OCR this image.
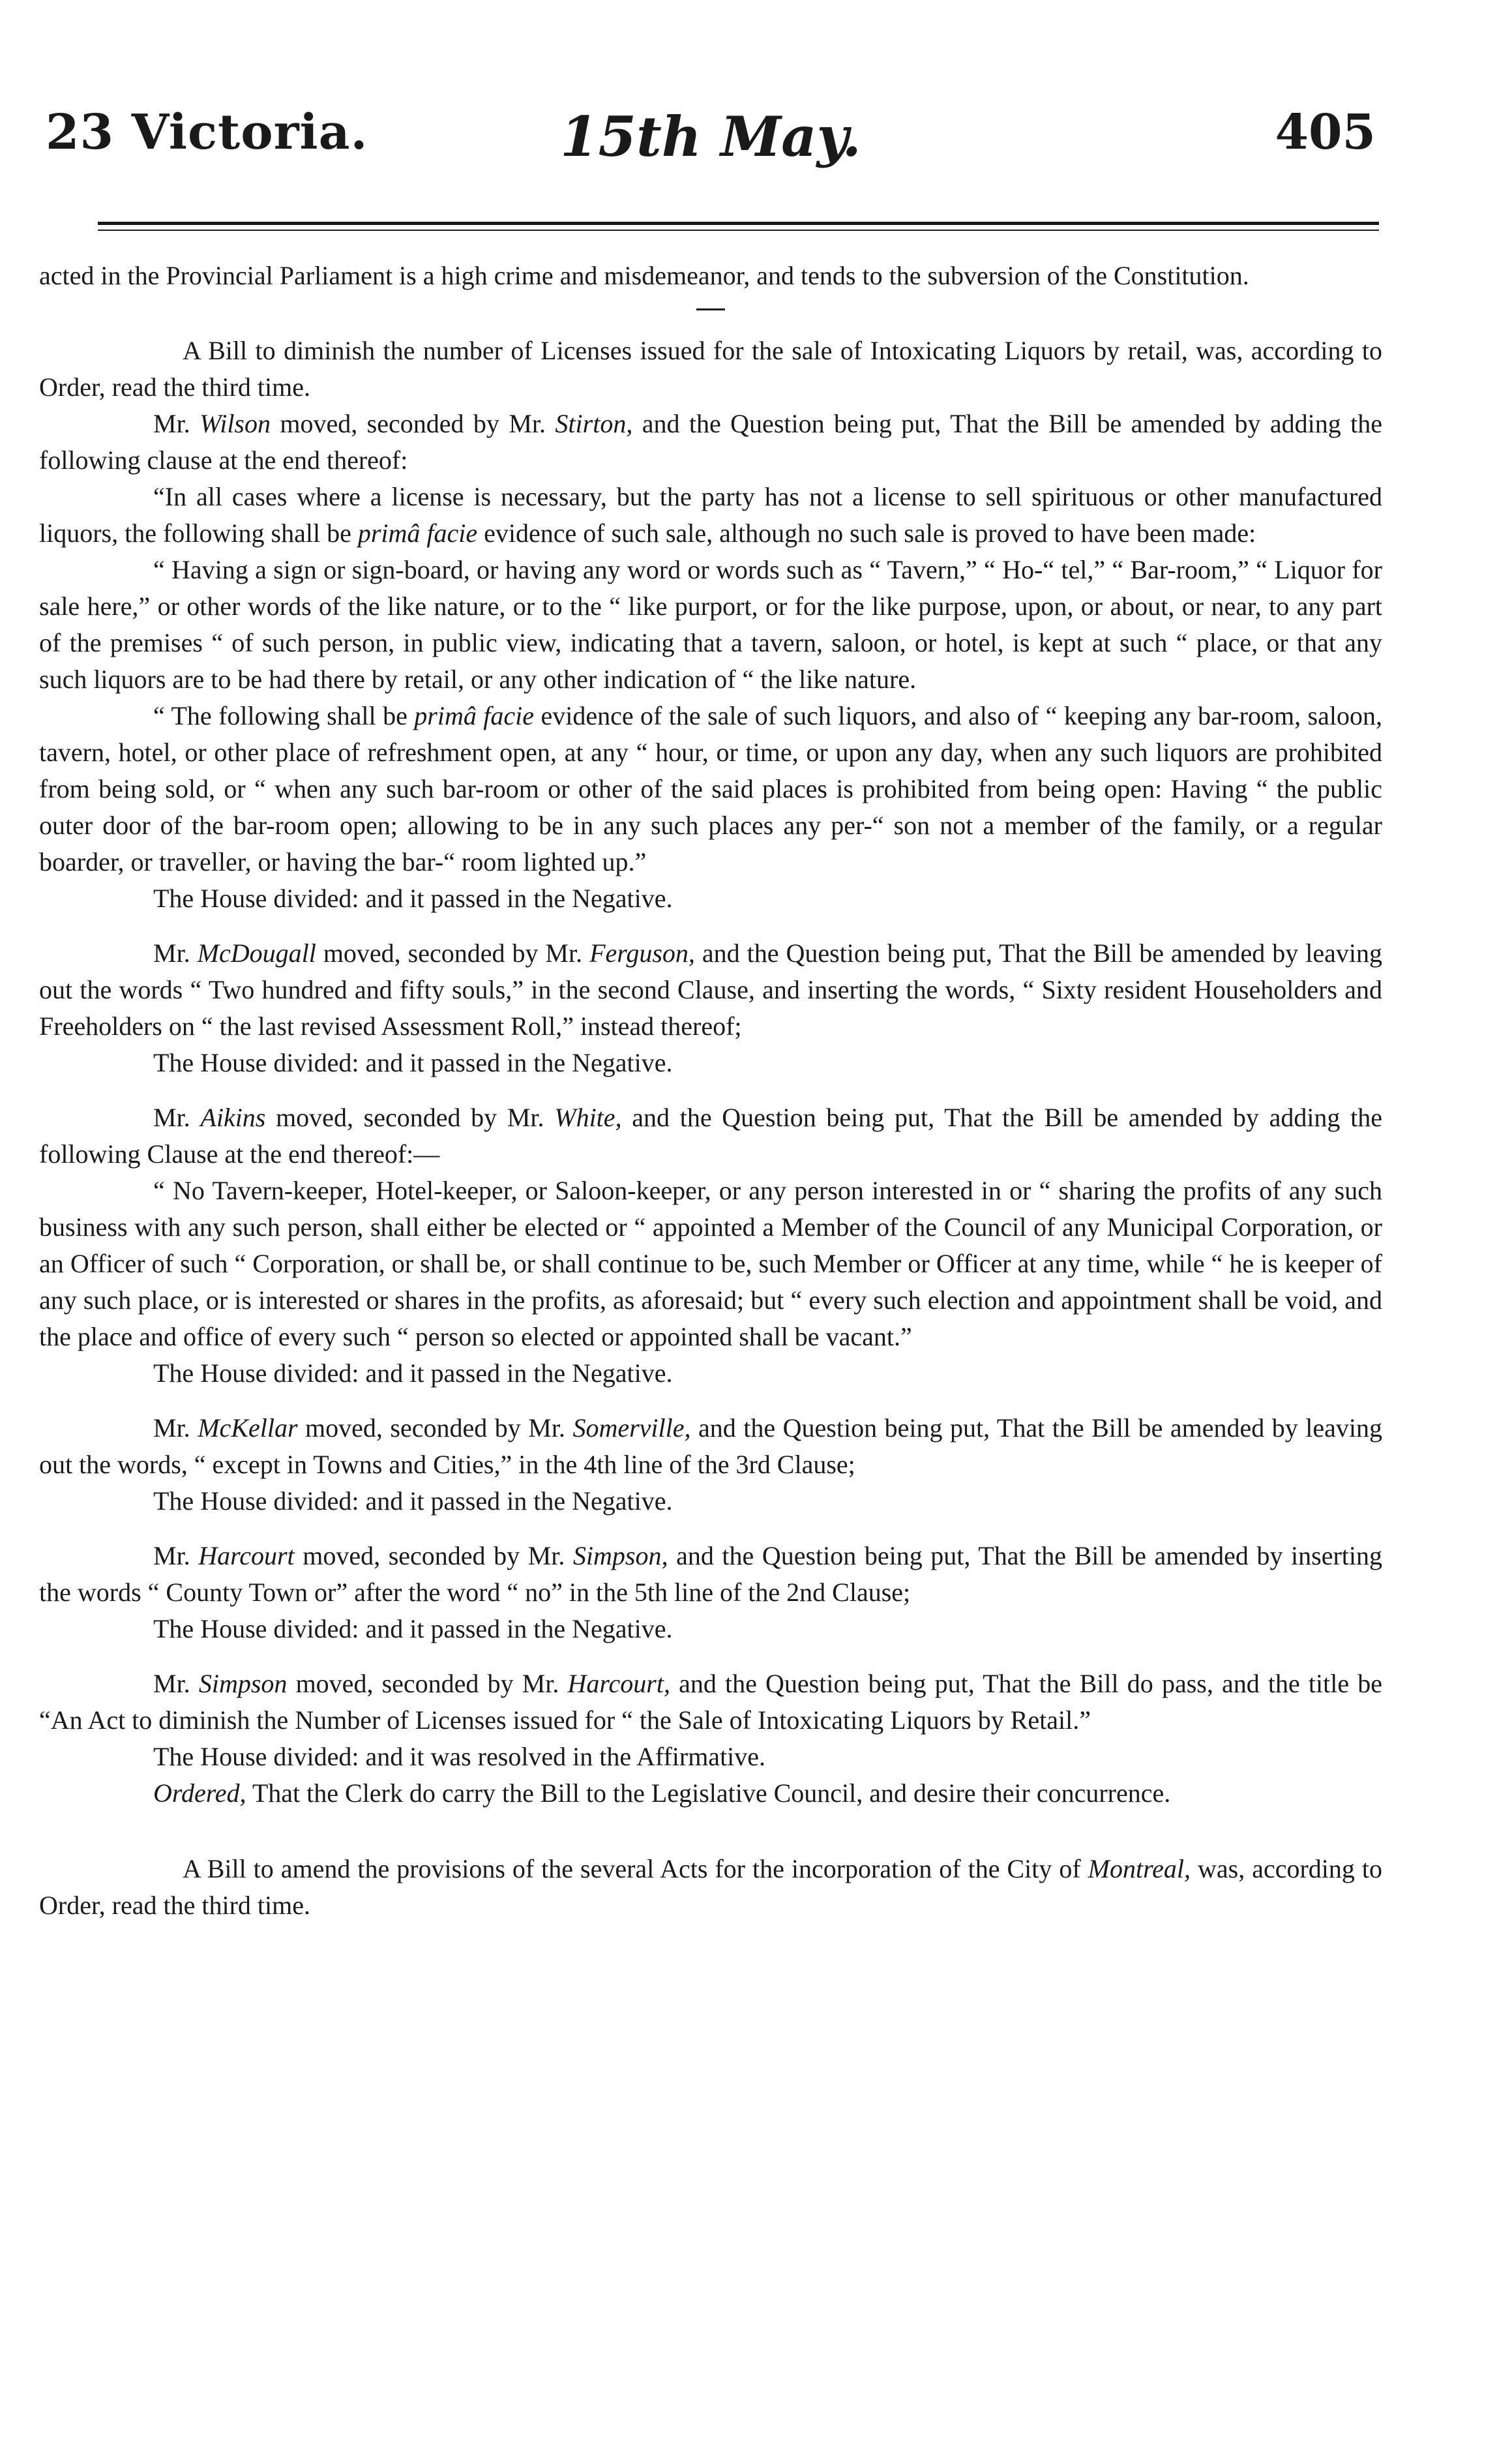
23 Victoria.	15th May.	405

acted in the Provincial Parliament is a high crime and misdemeanor, and tends to the subversion of the Constitution.

A Bill to diminish the number of Licenses issued for the sale of Intoxicating Liquors by retail, was, according to Order, read the third time.

Mr. Wilson moved, seconded by Mr. Stirton, and the Question being put, That the Bill be amended by adding the following clause at the end thereof:

“In all cases where a license is necessary, but the party has not a license to sell spirituous or other manufactured liquors, the following shall be primâ facie evidence of such sale, although no such sale is proved to have been made:

“ Having a sign or sign-board, or having any word or words such as “ Tavern,” “ Ho-“ tel,” “ Bar-room,” “ Liquor for sale here,” or other words of the like nature, or to the “ like purport, or for the like purpose, upon, or about, or near, to any part of the premises “ of such person, in public view, indicating that a tavern, saloon, or hotel, is kept at such “ place, or that any such liquors are to be had there by retail, or any other indication of “ the like nature.

“ The following shall be primâ facie evidence of the sale of such liquors, and also of “ keeping any bar-room, saloon, tavern, hotel, or other place of refreshment open, at any “ hour, or time, or upon any day, when any such liquors are prohibited from being sold, or “ when any such bar-room or other of the said places is prohibited from being open: Having “ the public outer door of the bar-room open; allowing to be in any such places any per-“ son not a member of the family, or a regular boarder, or traveller, or having the bar-“ room lighted up.”

The House divided: and it passed in the Negative.

Mr. McDougall moved, seconded by Mr. Ferguson, and the Question being put, That the Bill be amended by leaving out the words “ Two hundred and fifty souls,” in the second Clause, and inserting the words, “ Sixty resident Householders and Freeholders on “ the last revised Assessment Roll,” instead thereof;

The House divided: and it passed in the Negative.

Mr. Aikins moved, seconded by Mr. White, and the Question being put, That the Bill be amended by adding the following Clause at the end thereof:—

“ No Tavern-keeper, Hotel-keeper, or Saloon-keeper, or any person interested in or “ sharing the profits of any such business with any such person, shall either be elected or “ appointed a Member of the Council of any Municipal Corporation, or an Officer of such “ Corporation, or shall be, or shall continue to be, such Member or Officer at any time, while “ he is keeper of any such place, or is interested or shares in the profits, as aforesaid; but “ every such election and appointment shall be void, and the place and office of every such “ person so elected or appointed shall be vacant.”

The House divided: and it passed in the Negative.

Mr. McKellar moved, seconded by Mr. Somerville, and the Question being put, That the Bill be amended by leaving out the words, “ except in Towns and Cities,” in the 4th line of the 3rd Clause;

The House divided: and it passed in the Negative.

Mr. Harcourt moved, seconded by Mr. Simpson, and the Question being put, That the Bill be amended by inserting the words “ County Town or” after the word “ no” in the 5th line of the 2nd Clause;

The House divided: and it passed in the Negative.

Mr. Simpson moved, seconded by Mr. Harcourt, and the Question being put, That the Bill do pass, and the title be “An Act to diminish the Number of Licenses issued for “ the Sale of Intoxicating Liquors by Retail.”

The House divided: and it was resolved in the Affirmative.

Ordered, That the Clerk do carry the Bill to the Legislative Council, and desire their concurrence.

A Bill to amend the provisions of the several Acts for the incorporation of the City of Montreal, was, according to Order, read the third time.
